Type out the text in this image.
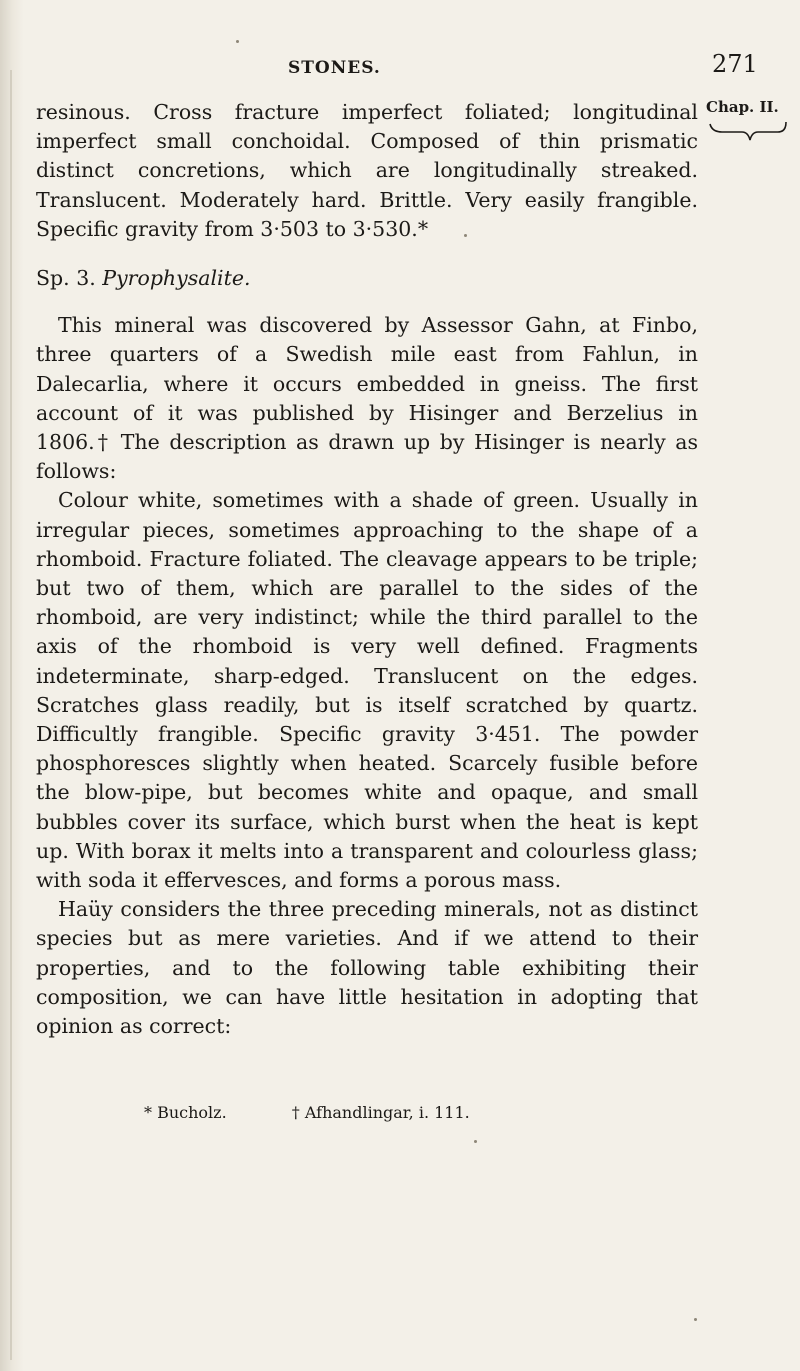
STONES.	271
Chap. II.

resinous. Cross fracture imperfect foliated; longitudinal imperfect small conchoidal. Composed of thin prismatic distinct concretions, which are longitudinally streaked. Translucent. Moderately hard. Brittle. Very easily frangible. Specific gravity from 3·503 to 3·530.*

Sp. 3. Pyrophysalite.

This mineral was discovered by Assessor Gahn, at Finbo, three quarters of a Swedish mile east from Fahlun, in Dalecarlia, where it occurs embedded in gneiss. The first account of it was published by Hisinger and Berzelius in 1806.† The description as drawn up by Hisinger is nearly as follows:

Colour white, sometimes with a shade of green. Usually in irregular pieces, sometimes approaching to the shape of a rhomboid. Fracture foliated. The cleavage appears to be triple; but two of them, which are parallel to the sides of the rhomboid, are very indistinct; while the third parallel to the axis of the rhomboid is very well defined. Fragments indeterminate, sharp-edged. Translucent on the edges. Scratches glass readily, but is itself scratched by quartz. Difficultly frangible. Specific gravity 3·451. The powder phosphoresces slightly when heated. Scarcely fusible before the blow-pipe, but becomes white and opaque, and small bubbles cover its surface, which burst when the heat is kept up. With borax it melts into a transparent and colourless glass; with soda it effervesces, and forms a porous mass.

Haüy considers the three preceding minerals, not as distinct species but as mere varieties. And if we attend to their properties, and to the following table exhibiting their composition, we can have little hesitation in adopting that opinion as correct:

* Bucholz.	† Afhandlingar, i. 111.
